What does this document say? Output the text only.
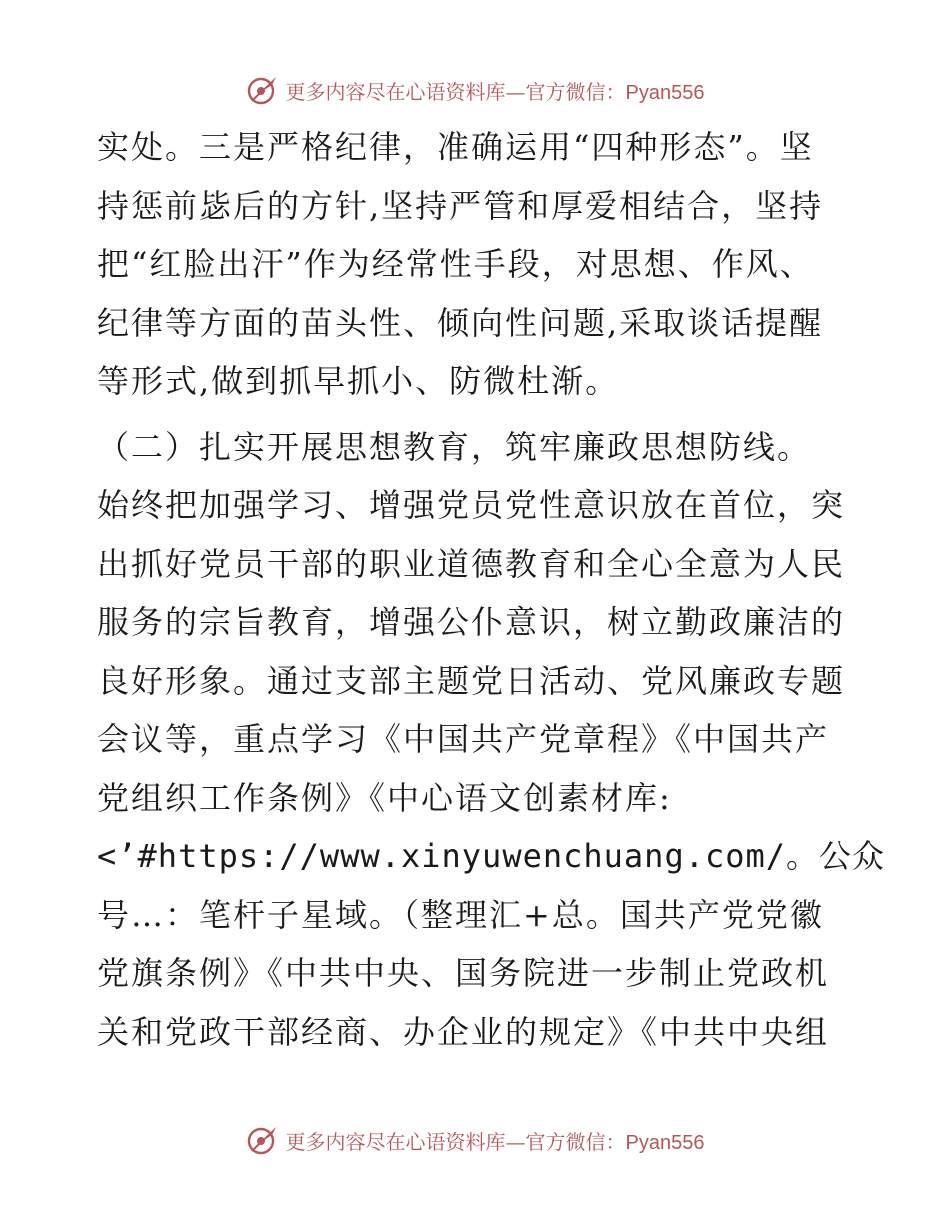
更多内容尽在心语资料库—官方微信：Pyan556
实处。三是严格纪律，准确运用“四种形态”。坚
持惩前毖后的方针,坚持严管和厚爱相结合，坚持
把“红脸出汗”作为经常性手段，对思想、作风、
纪律等方面的苗头性、倾向性问题,采取谈话提醒
等形式,做到抓早抓小、防微杜渐。
（二）扎实开展思想教育，筑牢廉政思想防线。
始终把加强学习、增强党员党性意识放在首位，突
出抓好党员干部的职业道德教育和全心全意为人民
服务的宗旨教育，增强公仆意识，树立勤政廉洁的
良好形象。通过支部主题党日活动、党风廉政专题
会议等，重点学习《中国共产党章程》《中国共产
党组织工作条例》《中心语文创素材库:
<’#https://www.xinyuwenchuang.com/。公众
号…：笔杆子星域。（整理汇+总。国共产党党徽
党旗条例》《中共中央、国务院进一步制止党政机
关和党政干部经商、办企业的规定》《中共中央组
更多内容尽在心语资料库—官方微信：Pyan556
